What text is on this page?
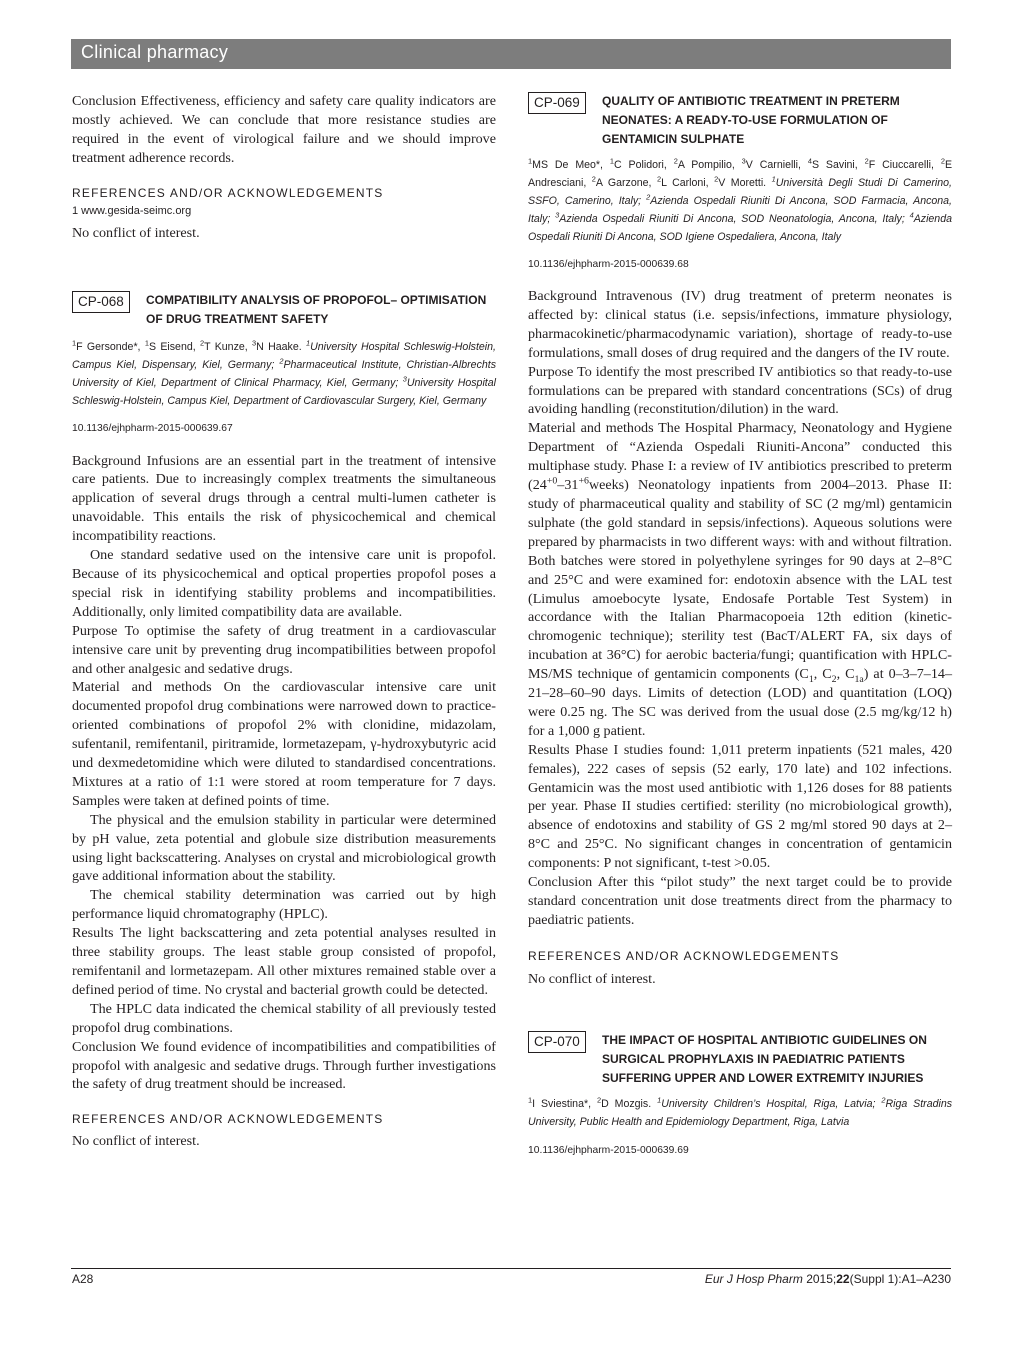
Clinical pharmacy

Conclusion Effectiveness, efficiency and safety care quality indicators are mostly achieved. We can conclude that more resistance studies are required in the event of virological failure and we should improve treatment adherence records.

REFERENCES AND/OR ACKNOWLEDGEMENTS

1 www.gesida-seimc.org

No conflict of interest.

CP-068	COMPATIBILITY ANALYSIS OF PROPOFOL– OPTIMISATION OF DRUG TREATMENT SAFETY
$^1$F Gersonde*, $^1$S Eisend, $^2$T Kunze, $^3$N Haake. $^1$University Hospital Schleswig-Holstein, Campus Kiel, Dispensary, Kiel, Germany; $^2$Pharmaceutical Institute, Christian-Albrechts University of Kiel, Department of Clinical Pharmacy, Kiel, Germany; $^3$University Hospital Schleswig-Holstein, Campus Kiel, Department of Cardiovascular Surgery, Kiel, Germany
10.1136/ejhpharm-2015-000639.67

Background Infusions are an essential part in the treatment of intensive care patients. Due to increasingly complex treatments the simultaneous application of several drugs through a central multi-lumen catheter is unavoidable. This entails the risk of physicochemical and chemical incompatibility reactions.

One standard sedative used on the intensive care unit is propofol. Because of its physicochemical and optical properties propofol poses a special risk in identifying stability problems and incompatibilities. Additionally, only limited compatibility data are available.

Purpose To optimise the safety of drug treatment in a cardiovascular intensive care unit by preventing drug incompatibilities between propofol and other analgesic and sedative drugs.

Material and methods On the cardiovascular intensive care unit documented propofol drug combinations were narrowed down to practice-oriented combinations of propofol 2% with clonidine, midazolam, sufentanil, remifentanil, piritramide, lormetazepam, γ-hydroxybutyric acid und dexmedetomidine which were diluted to standardised concentrations. Mixtures at a ratio of 1:1 were stored at room temperature for 7 days. Samples were taken at defined points of time.

The physical and the emulsion stability in particular were determined by pH value, zeta potential and globule size distribution measurements using light backscattering. Analyses on crystal and microbiological growth gave additional information about the stability.

The chemical stability determination was carried out by high performance liquid chromatography (HPLC).

Results The light backscattering and zeta potential analyses resulted in three stability groups. The least stable group consisted of propofol, remifentanil and lormetazepam. All other mixtures remained stable over a defined period of time. No crystal and bacterial growth could be detected.

The HPLC data indicated the chemical stability of all previously tested propofol drug combinations.

Conclusion We found evidence of incompatibilities and compatibilities of propofol with analgesic and sedative drugs. Through further investigations the safety of drug treatment should be increased.

REFERENCES AND/OR ACKNOWLEDGEMENTS

No conflict of interest.

CP-069	QUALITY OF ANTIBIOTIC TREATMENT IN PRETERM NEONATES: A READY-TO-USE FORMULATION OF GENTAMICIN SULPHATE
$^1$MS De Meo*, $^1$C Polidori, $^2$A Pompilio, $^3$V Carnielli, $^4$S Savini, $^2$F Ciuccarelli, $^2$E Andresciani, $^2$A Garzone, $^2$L Carloni, $^2$V Moretti. $^1$Università Degli Studi Di Camerino, SSFO, Camerino, Italy; $^2$Azienda Ospedali Riuniti Di Ancona, SOD Farmacia, Ancona, Italy; $^3$Azienda Ospedali Riuniti Di Ancona, SOD Neonatologia, Ancona, Italy; $^4$Azienda Ospedali Riuniti Di Ancona, SOD Igiene Ospedaliera, Ancona, Italy
10.1136/ejhpharm-2015-000639.68

Background Intravenous (IV) drug treatment of preterm neonates is affected by: clinical status (i.e. sepsis/infections, immature physiology, pharmacokinetic/pharmacodynamic variation), shortage of ready-to-use formulations, small doses of drug required and the dangers of the IV route.

Purpose To identify the most prescribed IV antibiotics so that ready-to-use formulations can be prepared with standard concentrations (SCs) of drug avoiding handling (reconstitution/dilution) in the ward.

Material and methods The Hospital Pharmacy, Neonatology and Hygiene Department of “Azienda Ospedali Riuniti-Ancona” conducted this multiphase study. Phase I: a review of IV antibiotics prescribed to preterm $(24^{+0}-31^{+6}weeks)$ Neonatology inpatients from 2004–2013. Phase II: study of pharmaceutical quality and stability of SC (2 mg/ml) gentamicin sulphate (the gold standard in sepsis/infections). Aqueous solutions were prepared by pharmacists in two different ways: with and without filtration. Both batches were stored in polyethylene syringes for 90 days at 2–8°C and 25°C and were examined for: endotoxin absence with the LAL test (Limulus amoebocyte lysate, Endosafe Portable Test System) in accordance with the Italian Pharmacopoeia 12th edition (kinetic-chromogenic technique); sterility test (BacT/ALERT FA, six days of incubation at 36°C) for aerobic bacteria/fungi; quantification with HPLC-MS/MS technique of gentamicin components ($C_1$, $C_2$, $C_{1a}$) at 0–3–7–14–21–28–60–90 days. Limits of detection (LOD) and quantitation (LOQ) were 0.25 ng. The SC was derived from the usual dose (2.5 mg/kg/12 h) for a 1,000 g patient.

Results Phase I studies found: 1,011 preterm inpatients (521 males, 420 females), 222 cases of sepsis (52 early, 170 late) and 102 infections. Gentamicin was the most used antibiotic with 1,126 doses for 88 patients per year. Phase II studies certified: sterility (no microbiological growth), absence of endotoxins and stability of GS 2 mg/ml stored 90 days at 2–8°C and 25°C. No significant changes in concentration of gentamicin components: P not significant, t-test >0.05.

Conclusion After this “pilot study” the next target could be to provide standard concentration unit dose treatments direct from the pharmacy to paediatric patients.

REFERENCES AND/OR ACKNOWLEDGEMENTS

No conflict of interest.

CP-070	THE IMPACT OF HOSPITAL ANTIBIOTIC GUIDELINES ON SURGICAL PROPHYLAXIS IN PAEDIATRIC PATIENTS SUFFERING UPPER AND LOWER EXTREMITY INJURIES
$^1$I Sviestina*, $^2$D Mozgis. $^1$University Children’s Hospital, Riga, Latvia; $^2$Riga Stradins University, Public Health and Epidemiology Department, Riga, Latvia
10.1136/ejhpharm-2015-000639.69
A28	Eur J Hosp Pharm 2015;22(Suppl 1):A1–A230
